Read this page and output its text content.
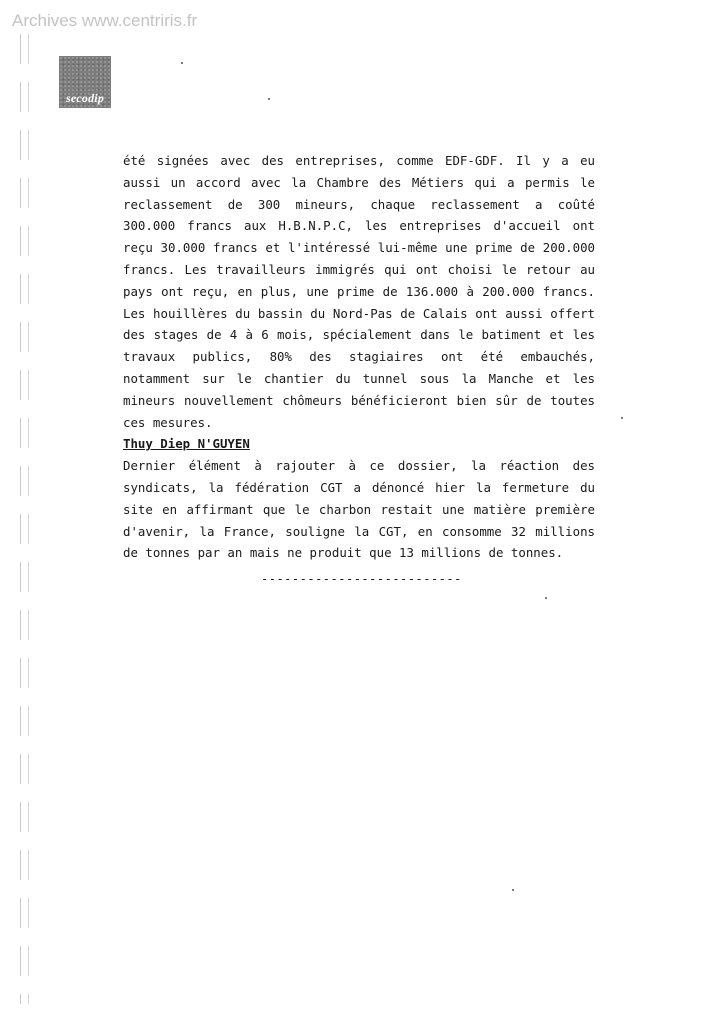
Archives www.centriris.fr
secodip
été signées avec des entreprises, comme EDF-GDF. Il y a eu
aussi un accord avec la Chambre des Métiers qui a permis le
reclassement de 300 mineurs, chaque reclassement a coûté
300.000 francs aux H.B.N.P.C, les entreprises d'accueil ont
reçu 30.000 francs et l'intéressé lui-même une prime de 200.000
francs. Les travailleurs immigrés qui ont choisi le retour au
pays ont reçu, en plus, une prime de 136.000 à 200.000 francs.
Les houillères du bassin du Nord-Pas de Calais ont aussi offert
des stages de 4 à 6 mois, spécialement dans le batiment et les
travaux publics, 80% des stagiaires ont été embauchés,
notamment sur le chantier du tunnel sous la Manche et les
mineurs nouvellement chômeurs bénéficieront bien sûr de toutes
ces mesures.
Thuy Diep N'GUYEN
Dernier élément à rajouter à ce dossier, la réaction des
syndicats, la fédération CGT a dénoncé hier la fermeture du
site en affirmant que le charbon restait une matière première
d'avenir, la France, souligne la CGT, en consomme 32 millions
de tonnes par an mais ne produit que 13 millions de tonnes.
--------------------------
